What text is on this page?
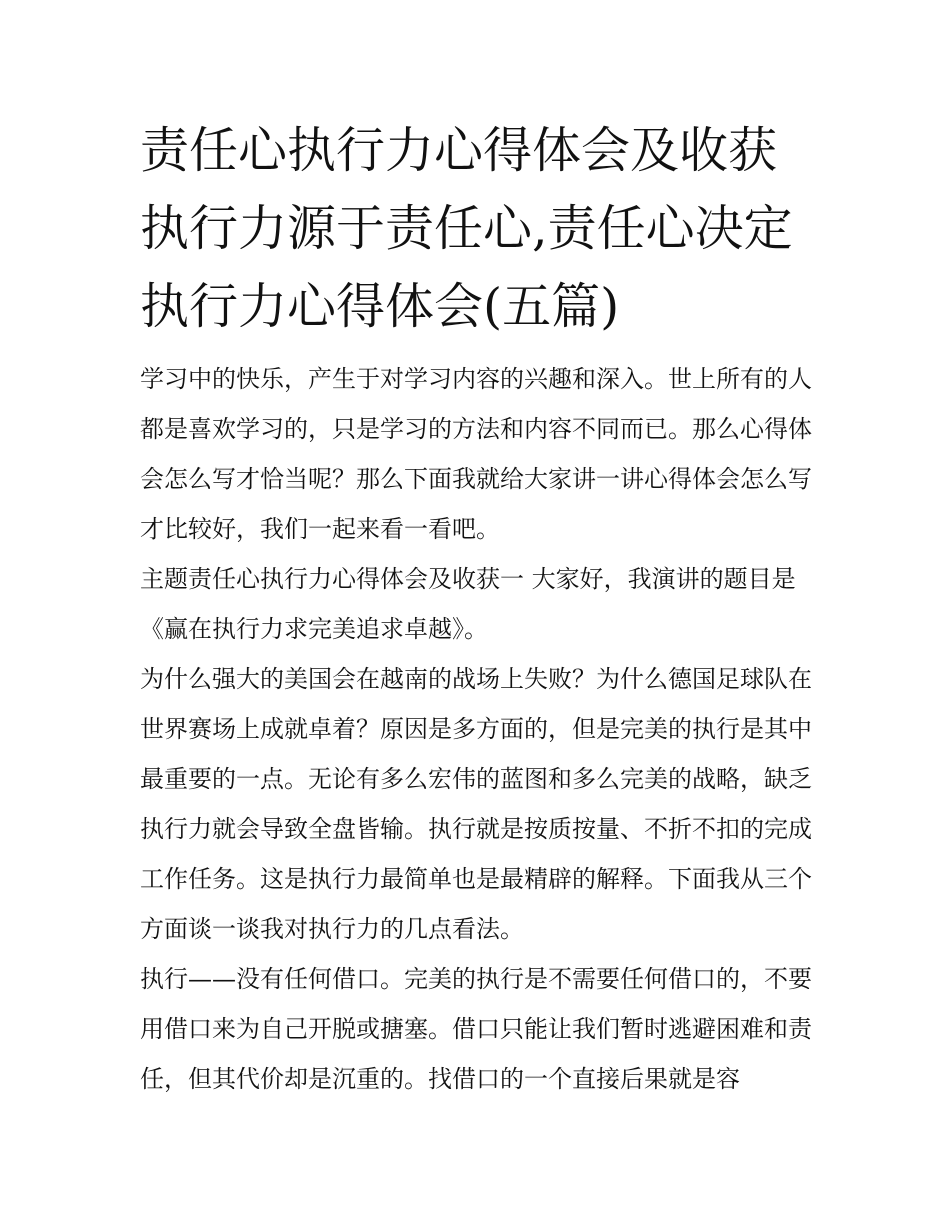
责任心执行力心得体会及收获
执行力源于责任心,责任心决定
执行力心得体会(五篇)

学习中的快乐，产生于对学习内容的兴趣和深入。世上所有的人都是喜欢学习的，只是学习的方法和内容不同而已。那么心得体会怎么写才恰当呢？那么下面我就给大家讲一讲心得体会怎么写才比较好，我们一起来看一看吧。

主题责任心执行力心得体会及收获一 大家好，我演讲的题目是《赢在执行力求完美追求卓越》。

为什么强大的美国会在越南的战场上失败？为什么德国足球队在世界赛场上成就卓着？原因是多方面的，但是完美的执行是其中最重要的一点。无论有多么宏伟的蓝图和多么完美的战略，缺乏执行力就会导致全盘皆输。执行就是按质按量、不折不扣的完成工作任务。这是执行力最简单也是最精辟的解释。下面我从三个方面谈一谈我对执行力的几点看法。

执行——没有任何借口。完美的执行是不需要任何借口的，不要用借口来为自己开脱或搪塞。借口只能让我们暂时逃避困难和责任，但其代价却是沉重的。找借口的一个直接后果就是容
